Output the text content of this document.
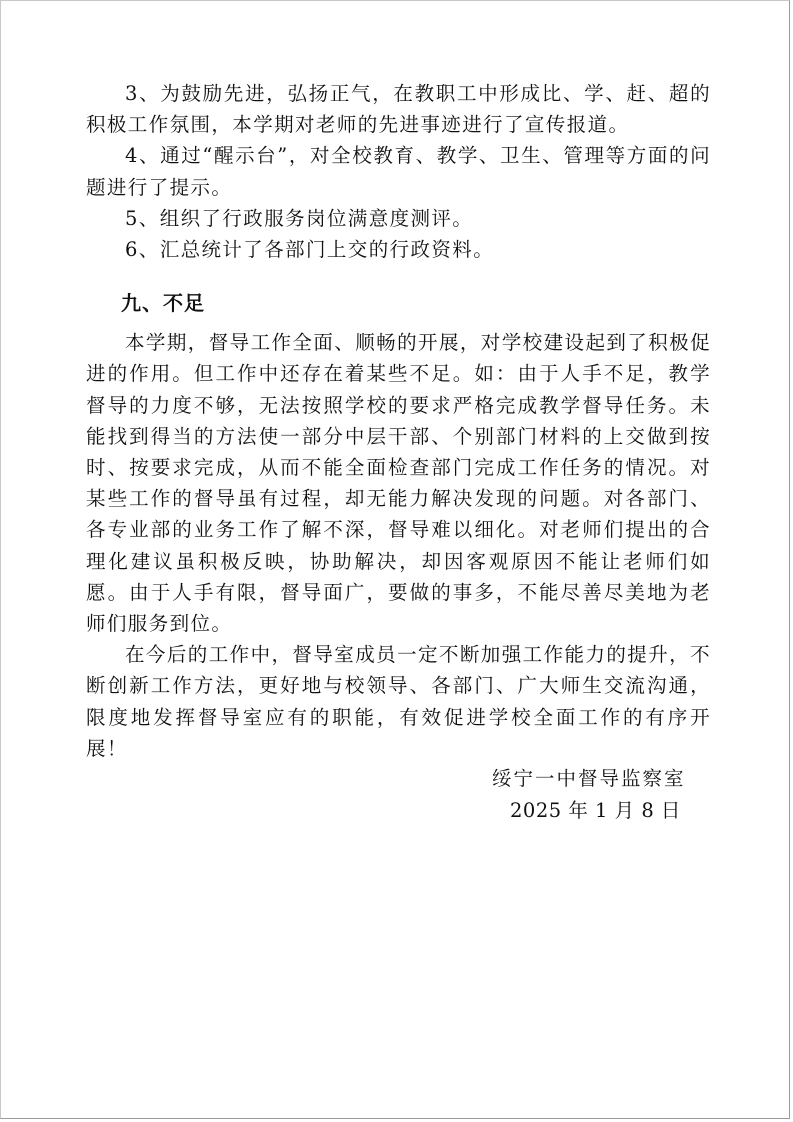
3、为鼓励先进，弘扬正气，在教职工中形成比、学、赶、超的积极工作氛围，本学期对老师的先进事迹进行了宣传报道。

4、通过“醒示台”，对全校教育、教学、卫生、管理等方面的问题进行了提示。

5、组织了行政服务岗位满意度测评。

6、汇总统计了各部门上交的行政资料。

九、不足

本学期，督导工作全面、顺畅的开展，对学校建设起到了积极促进的作用。但工作中还存在着某些不足。如：由于人手不足，教学督导的力度不够，无法按照学校的要求严格完成教学督导任务。未能找到得当的方法使一部分中层干部、个别部门材料的上交做到按时、按要求完成，从而不能全面检查部门完成工作任务的情况。对某些工作的督导虽有过程，却无能力解决发现的问题。对各部门、各专业部的业务工作了解不深，督导难以细化。对老师们提出的合理化建议虽积极反映，协助解决，却因客观原因不能让老师们如愿。由于人手有限，督导面广，要做的事多，不能尽善尽美地为老师们服务到位。

在今后的工作中，督导室成员一定不断加强工作能力的提升，不断创新工作方法，更好地与校领导、各部门、广大师生交流沟通，限度地发挥督导室应有的职能，有效促进学校全面工作的有序开展！

绥宁一中督导监察室
2025 年 1 月 8 日
